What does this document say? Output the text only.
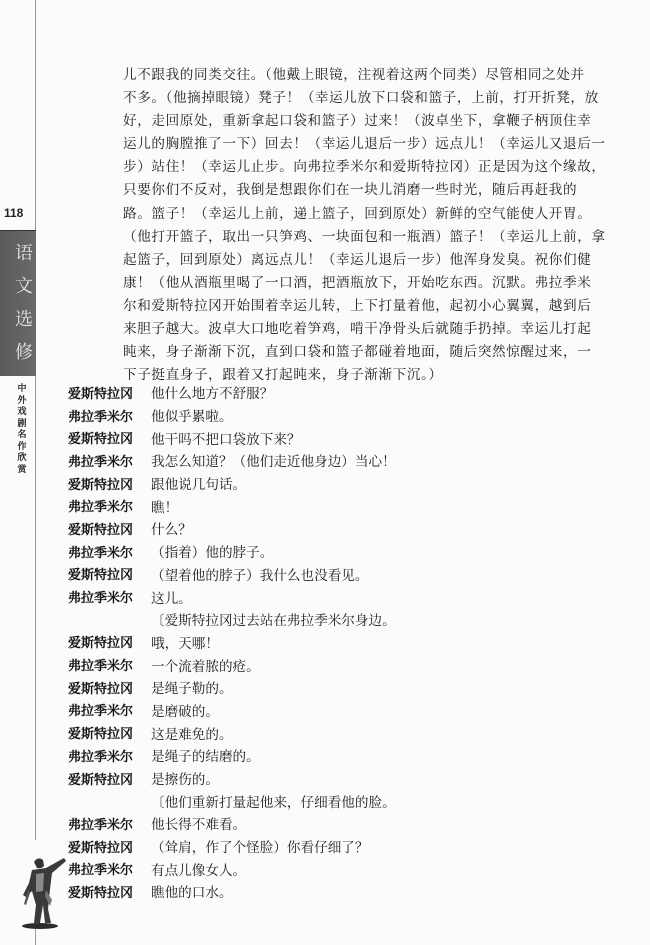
118
语
文
选
修
中
外
戏
剧
名
作
欣
赏
儿不跟我的同类交往。（他戴上眼镜，注视着这两个同类）尽管相同之处并
不多。（他摘掉眼镜）凳子！（幸运儿放下口袋和篮子，上前，打开折凳，放
好，走回原处，重新拿起口袋和篮子）过来！（波卓坐下，拿鞭子柄顶住幸
运儿的胸膛推了一下）回去！（幸运儿退后一步）远点儿！（幸运儿又退后一
步）站住！（幸运儿止步。向弗拉季米尔和爱斯特拉冈）正是因为这个缘故，
只要你们不反对，我倒是想跟你们在一块儿消磨一些时光，随后再赶我的
路。篮子！（幸运儿上前，递上篮子，回到原处）新鲜的空气能使人开胃。
（他打开篮子，取出一只笋鸡、一块面包和一瓶酒）篮子！（幸运儿上前，拿
起篮子，回到原处）离远点儿！（幸运儿退后一步）他浑身发臭。祝你们健
康！（他从酒瓶里喝了一口酒，把酒瓶放下，开始吃东西。沉默。弗拉季米
尔和爱斯特拉冈开始围着幸运儿转，上下打量着他，起初小心翼翼，越到后
来胆子越大。波卓大口地吃着笋鸡，啃干净骨头后就随手扔掉。幸运儿打起
盹来，身子渐渐下沉，直到口袋和篮子都碰着地面，随后突然惊醒过来，一
下子挺直身子，跟着又打起盹来，身子渐渐下沉。）
爱斯特拉冈	他什么地方不舒服？
弗拉季米尔	他似乎累啦。
爱斯特拉冈	他干吗不把口袋放下来？
弗拉季米尔	我怎么知道？（他们走近他身边）当心！
爱斯特拉冈	跟他说几句话。
弗拉季米尔	瞧！
爱斯特拉冈	什么？
弗拉季米尔	（指着）他的脖子。
爱斯特拉冈	（望着他的脖子）我什么也没看见。
弗拉季米尔	这儿。
〔爱斯特拉冈过去站在弗拉季米尔身边。
爱斯特拉冈	哦，天哪！
弗拉季米尔	一个流着脓的疮。
爱斯特拉冈	是绳子勒的。
弗拉季米尔	是磨破的。
爱斯特拉冈	这是难免的。
弗拉季米尔	是绳子的结磨的。
爱斯特拉冈	是擦伤的。
〔他们重新打量起他来，仔细看他的脸。
弗拉季米尔	他长得不难看。
爱斯特拉冈	（耸肩，作了个怪脸）你看仔细了？
弗拉季米尔	有点儿像女人。
爱斯特拉冈	瞧他的口水。
